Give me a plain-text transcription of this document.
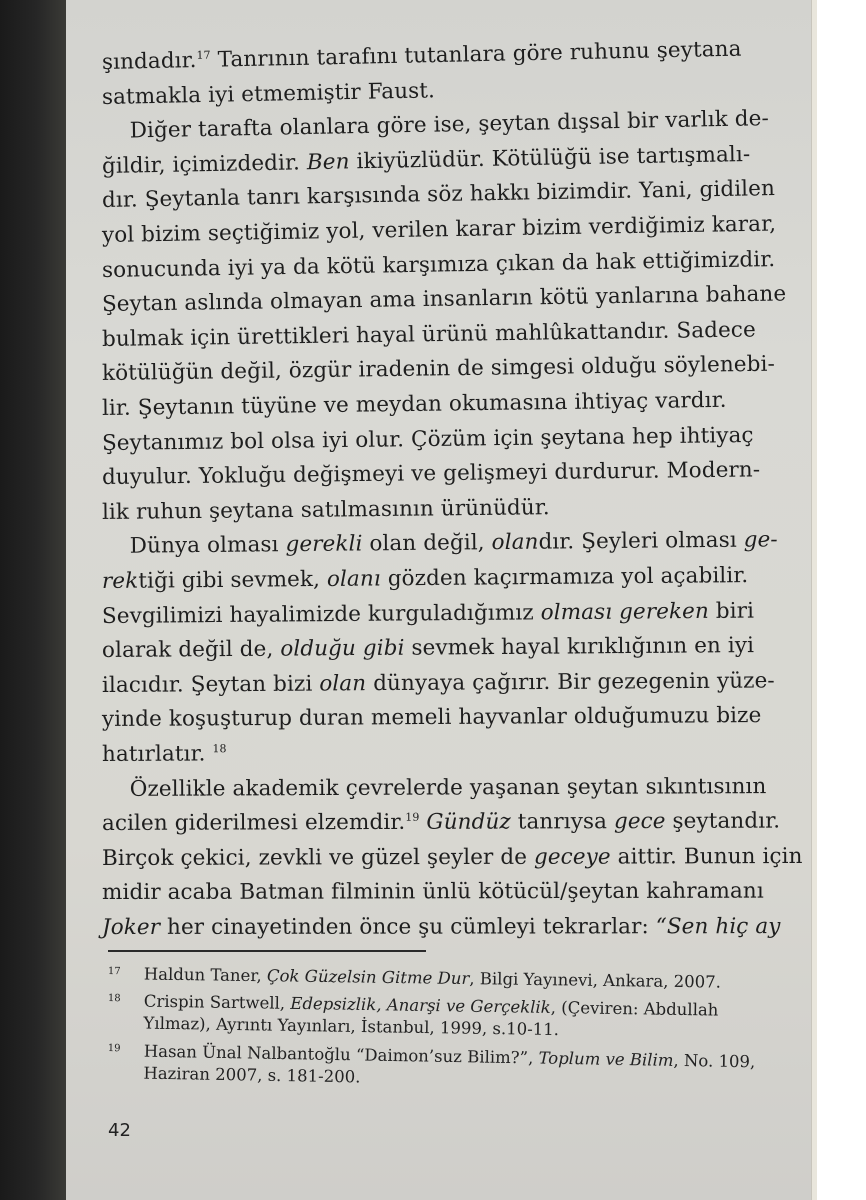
şındadır.$^{17}$ Tanrının tarafını tutanlara göre ruhunu şeytana
satmakla iyi etmemiştir Faust.
Diğer tarafta olanlara göre ise, şeytan dışsal bir varlık de-
ğildir, içimizdedir. Ben ikiyüzlüdür. Kötülüğü ise tartışmalı-
dır. Şeytanla tanrı karşısında söz hakkı bizimdir. Yani, gidilen
yol bizim seçtiğimiz yol, verilen karar bizim verdiğimiz karar,
sonucunda iyi ya da kötü karşımıza çıkan da hak ettiğimizdir.
Şeytan aslında olmayan ama insanların kötü yanlarına bahane
bulmak için ürettikleri hayal ürünü mahlûkattandır. Sadece
kötülüğün değil, özgür iradenin de simgesi olduğu söylenebi-
lir. Şeytanın tüyüne ve meydan okumasına ihtiyaç vardır.
Şeytanımız bol olsa iyi olur. Çözüm için şeytana hep ihtiyaç
duyulur. Yokluğu değişmeyi ve gelişmeyi durdurur. Modern-
lik ruhun şeytana satılmasının ürünüdür.
Dünya olması gerekli olan değil, olandır. Şeyleri olması ge-
rektiği gibi sevmek, olanı gözden kaçırmamıza yol açabilir.
Sevgilimizi hayalimizde kurguladığımız olması gereken biri
olarak değil de, olduğu gibi sevmek hayal kırıklığının en iyi
ilacıdır. Şeytan bizi olan dünyaya çağırır. Bir gezegenin yüze-
yinde koşuşturup duran memeli hayvanlar olduğumuzu bize
hatırlatır. $^{18}$
Özellikle akademik çevrelerde yaşanan şeytan sıkıntısının
acilen giderilmesi elzemdir.$^{19}$ Gündüz tanrıysa gece şeytandır.
Birçok çekici, zevkli ve güzel şeyler de geceye aittir. Bunun için
midir acaba Batman filminin ünlü kötücül/şeytan kahramanı
Joker her cinayetinden önce şu cümleyi tekrarlar: “Sen hiç ay
17 Haldun Taner, Çok Güzelsin Gitme Dur, Bilgi Yayınevi, Ankara, 2007.
18 Crispin Sartwell, Edepsizlik, Anarşi ve Gerçeklik, (Çeviren: Abdullah
Yılmaz), Ayrıntı Yayınları, İstanbul, 1999, s.10-11.
19 Hasan Ünal Nalbantoğlu “Daimon’suz Bilim?”, Toplum ve Bilim, No. 109,
Haziran 2007, s. 181-200.
42
